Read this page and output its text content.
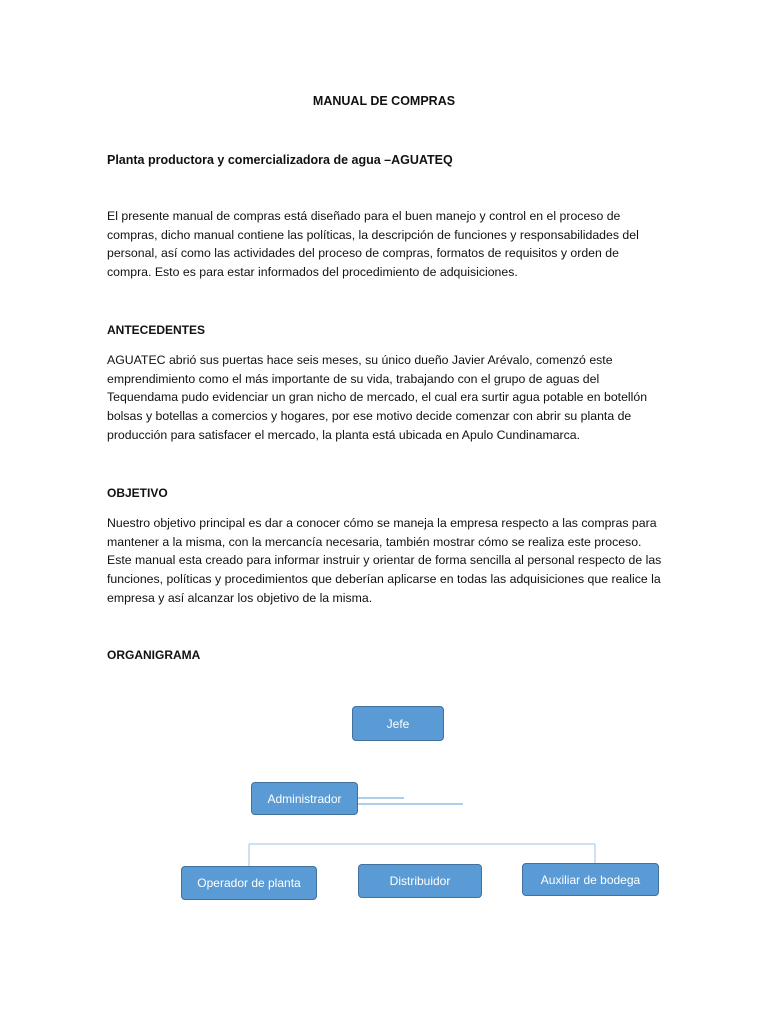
MANUAL DE COMPRAS
Planta productora y comercializadora de agua –AGUATEQ

El presente manual de compras está diseñado para el buen manejo y control en el proceso de compras, dicho manual contiene las políticas, la descripción de funciones y responsabilidades del personal, así como las actividades del proceso de compras, formatos de requisitos y orden de compra. Esto es para estar informados del procedimiento de adquisiciones.

ANTECEDENTES

AGUATEC abrió sus puertas hace seis meses, su único dueño Javier Arévalo, comenzó este emprendimiento como el más importante de su vida, trabajando con el grupo de aguas del Tequendama pudo evidenciar un gran nicho de mercado, el cual era surtir agua potable en botellón bolsas y botellas a comercios y hogares, por ese motivo decide comenzar con abrir su planta de producción para satisfacer el mercado, la planta está ubicada en Apulo Cundinamarca.

OBJETIVO

Nuestro objetivo principal es dar a conocer cómo se maneja la empresa respecto a las compras para mantener a la misma, con la mercancía necesaria, también mostrar cómo se realiza este proceso. Este manual esta creado para informar instruir y orientar de forma sencilla al personal respecto de las funciones, políticas y procedimientos que deberían aplicarse en todas las adquisiciones que realice la empresa y así alcanzar los objetivo de la misma.

ORGANIGRAMA
Jefe
Administrador
Operador de planta	Distribuidor	Auxiliar de bodega
